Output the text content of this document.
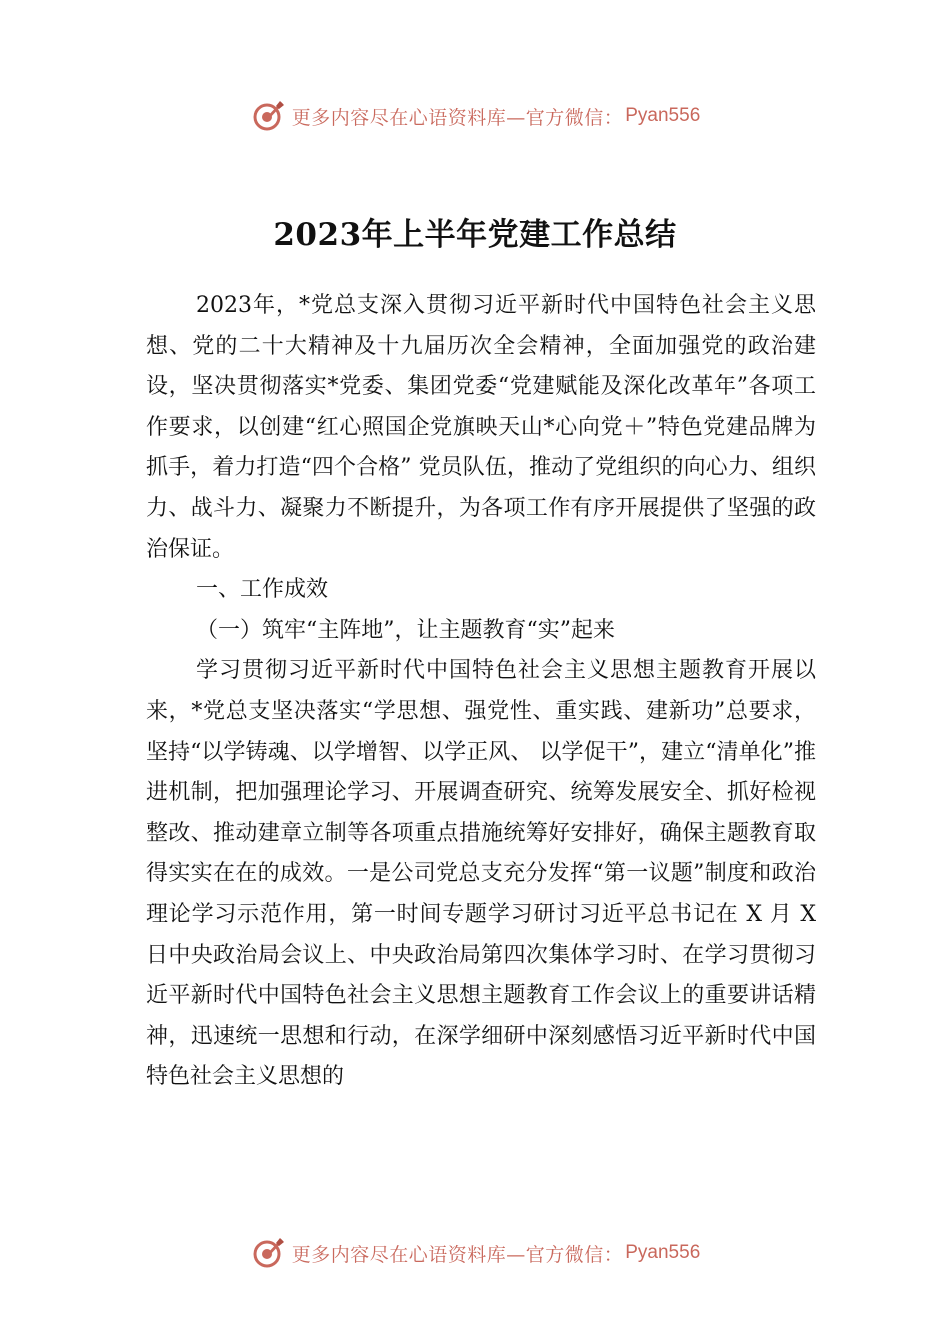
更多内容尽在心语资料库—官方微信： Pyan556
2023年上半年党建工作总结

2023年，*党总支深入贯彻习近平新时代中国特色社会主义思想、党的二十大精神及十九届历次全会精神，全面加强党的政治建设，坚决贯彻落实*党委、集团党委“党建赋能及深化改革年”各项工作要求，以创建“红心照国企党旗映天山*心向党＋”特色党建品牌为抓手，着力打造“四个合格” 党员队伍，推动了党组织的向心力、组织力、战斗力、凝聚力不断提升，为各项工作有序开展提供了坚强的政治保证。

一、工作成效

（一）筑牢“主阵地”，让主题教育“实”起来

学习贯彻习近平新时代中国特色社会主义思想主题教育开展以来，*党总支坚决落实“学思想、强党性、重实践、建新功”总要求，坚持“以学铸魂、以学增智、以学正风、 以学促干”，建立“清单化”推进机制，把加强理论学习、开展调查研究、统筹发展安全、抓好检视整改、推动建章立制等各项重点措施统筹好安排好，确保主题教育取得实实在在的成效。一是公司党总支充分发挥“第一议题”制度和政治理论学习示范作用，第一时间专题学习研讨习近平总书记在 X 月 X 日中央政治局会议上、中央政治局第四次集体学习时、在学习贯彻习近平新时代中国特色社会主义思想主题教育工作会议上的重要讲话精神，迅速统一思想和行动，在深学细研中深刻感悟习近平新时代中国特色社会主义思想的

更多内容尽在心语资料库—官方微信： Pyan556
